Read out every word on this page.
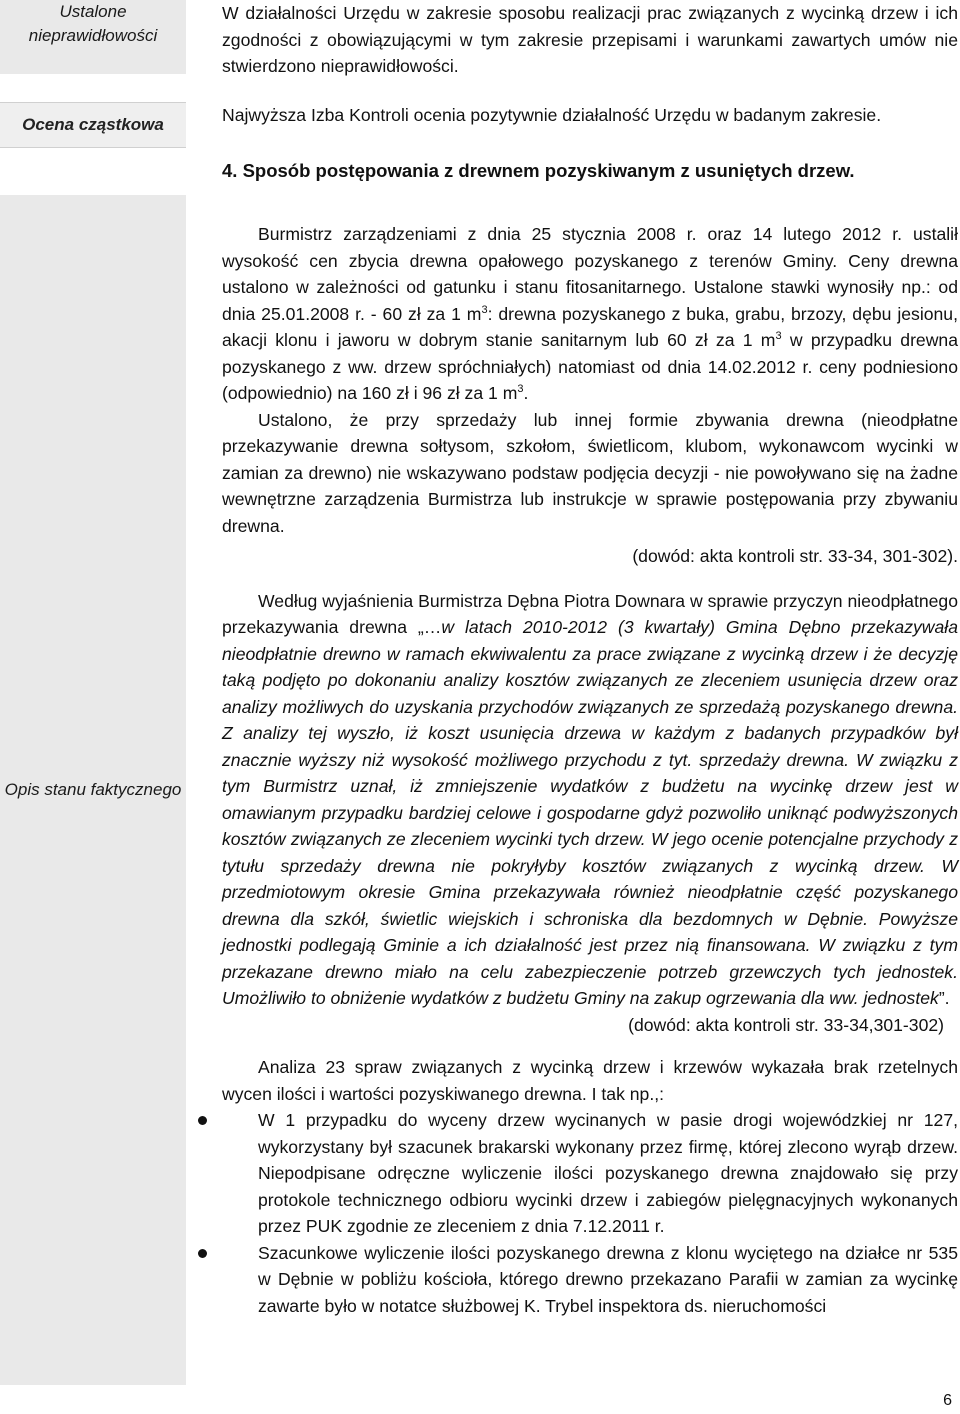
Ustalone nieprawidłowości
Ocena cząstkowa
Opis stanu faktycznego

W działalności Urzędu w zakresie sposobu realizacji prac związanych z wycinką drzew i ich zgodności z obowiązującymi w tym zakresie przepisami i warunkami zawartych umów nie stwierdzono nieprawidłowości.

Najwyższa Izba Kontroli ocenia pozytywnie działalność Urzędu w badanym zakresie.

4. Sposób postępowania z drewnem pozyskiwanym z usuniętych drzew.

Burmistrz zarządzeniami z dnia 25 stycznia 2008 r. oraz 14 lutego 2012 r. ustalił wysokość cen zbycia drewna opałowego pozyskanego z terenów Gminy. Ceny drewna ustalono w zależności od gatunku i stanu fitosanitarnego. Ustalone stawki wynosiły np.: od dnia 25.01.2008 r. - 60 zł za 1 $m^3$: drewna pozyskanego z buka, grabu, brzozy, dębu jesionu, akacji klonu i jaworu w dobrym stanie sanitarnym lub 60 zł za 1 $m^3$ w przypadku drewna pozyskanego z ww. drzew spróchniałych) natomiast od dnia 14.02.2012 r. ceny podniesiono (odpowiednio) na 160 zł i 96 zł za 1 $m^3$.

Ustalono, że przy sprzedaży lub innej formie zbywania drewna (nieodpłatne przekazywanie drewna sołtysom, szkołom, świetlicom, klubom, wykonawcom wycinki w zamian za drewno) nie wskazywano podstaw podjęcia decyzji - nie powoływano się na żadne wewnętrzne zarządzenia Burmistrza lub instrukcje w sprawie postępowania przy zbywaniu drewna.

(dowód: akta kontroli str. 33-34, 301-302).

Według wyjaśnienia Burmistrza Dębna Piotra Downara w sprawie przyczyn nieodpłatnego przekazywania drewna „…w latach 2010-2012 (3 kwartały) Gmina Dębno przekazywała nieodpłatnie drewno w ramach ekwiwalentu za prace związane z wycinką drzew i że decyzję taką podjęto po dokonaniu analizy kosztów związanych ze zleceniem usunięcia drzew oraz analizy możliwych do uzyskania przychodów związanych ze sprzedażą pozyskanego drewna. Z analizy tej wyszło, iż koszt usunięcia drzewa w każdym z badanych przypadków był znacznie wyższy niż wysokość możliwego przychodu z tyt. sprzedaży drewna. W związku z tym Burmistrz uznał, iż zmniejszenie wydatków z budżetu na wycinkę drzew jest w omawianym przypadku bardziej celowe i gospodarne gdyż pozwoliło uniknąć podwyższonych kosztów związanych ze zleceniem wycinki tych drzew. W jego ocenie potencjalne przychody z tytułu sprzedaży drewna nie pokryłyby kosztów związanych z wycinką drzew. W przedmiotowym okresie Gmina przekazywała również nieodpłatnie część pozyskanego drewna dla szkół, świetlic wiejskich i schroniska dla bezdomnych w Dębnie. Powyższe jednostki podlegają Gminie a ich działalność jest przez nią finansowana. W związku z tym przekazane drewno miało na celu zabezpieczenie potrzeb grzewczych tych jednostek. Umożliwiło to obniżenie wydatków z budżetu Gminy na zakup ogrzewania dla ww. jednostek”.

(dowód: akta kontroli str. 33-34,301-302)

Analiza 23 spraw związanych z wycinką drzew i krzewów wykazała brak rzetelnych wycen ilości i wartości pozyskiwanego drewna. I tak np.,:

W 1 przypadku do wyceny drzew wycinanych w pasie drogi wojewódzkiej nr 127, wykorzystany był szacunek brakarski wykonany przez firmę, której zlecono wyrąb drzew. Niepodpisane odręczne wyliczenie ilości pozyskanego drewna znajdowało się przy protokole technicznego odbioru wycinki drzew i zabiegów pielęgnacyjnych wykonanych przez PUK zgodnie ze zleceniem z dnia 7.12.2011 r.
Szacunkowe wyliczenie ilości pozyskanego drewna z klonu wyciętego na działce nr 535 w Dębnie w pobliżu kościoła, którego drewno przekazano Parafii w zamian za wycinkę zawarte było w notatce służbowej K. Trybel inspektora ds. nieruchomości
6
